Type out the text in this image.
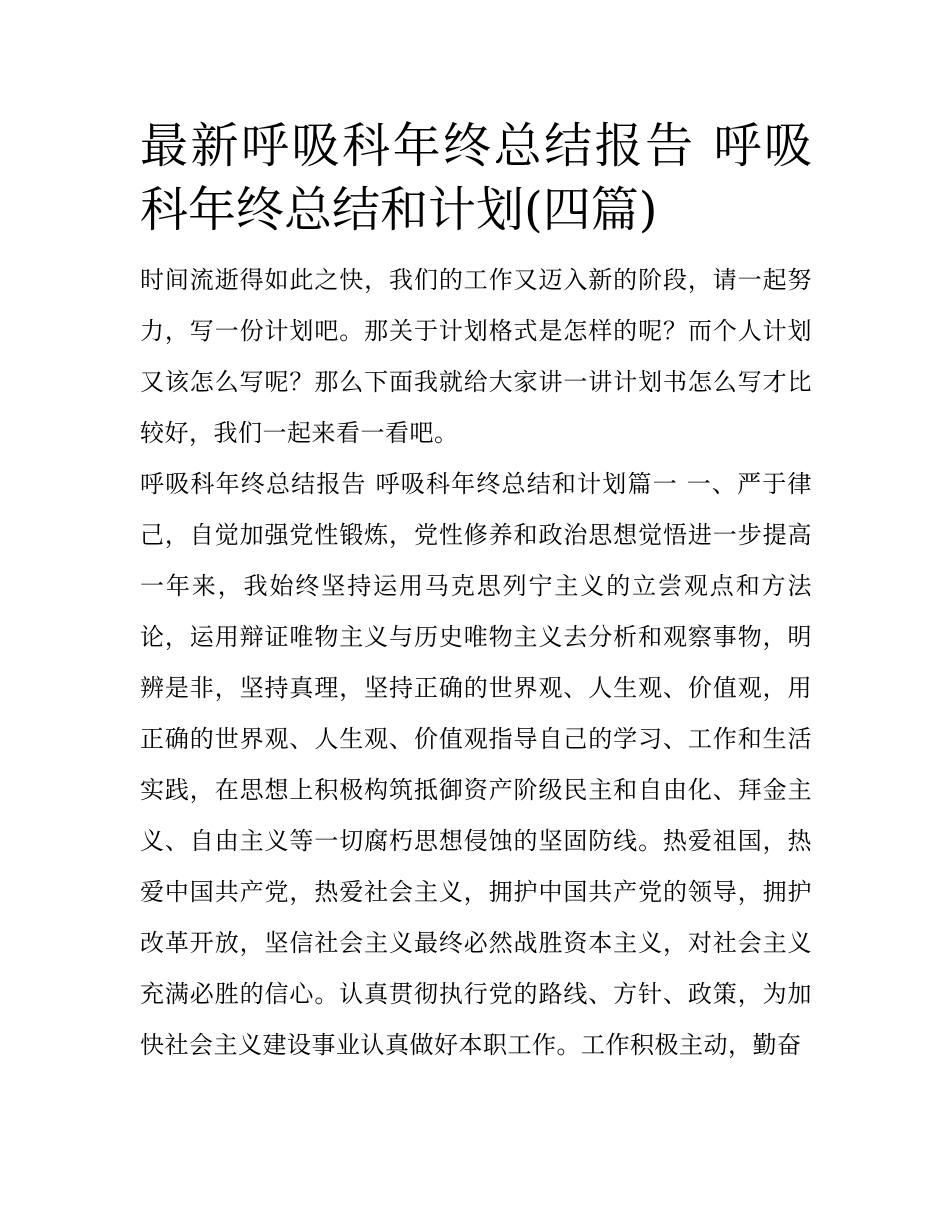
最新呼吸科年终总结报告 呼吸科年终总结和计划(四篇)

时间流逝得如此之快，我们的工作又迈入新的阶段，请一起努力，写一份计划吧。那关于计划格式是怎样的呢？而个人计划又该怎么写呢？那么下面我就给大家讲一讲计划书怎么写才比较好，我们一起来看一看吧。

呼吸科年终总结报告 呼吸科年终总结和计划篇一 一、严于律己，自觉加强党性锻炼，党性修养和政治思想觉悟进一步提高一年来，我始终坚持运用马克思列宁主义的立尝观点和方法论，运用辩证唯物主义与历史唯物主义去分析和观察事物，明辨是非，坚持真理，坚持正确的世界观、人生观、价值观，用正确的世界观、人生观、价值观指导自己的学习、工作和生活实践，在思想上积极构筑抵御资产阶级民主和自由化、拜金主义、自由主义等一切腐朽思想侵蚀的坚固防线。热爱祖国，热爱中国共产党，热爱社会主义，拥护中国共产党的领导，拥护改革开放，坚信社会主义最终必然战胜资本主义，对社会主义充满必胜的信心。认真贯彻执行党的路线、方针、政策，为加快社会主义建设事业认真做好本职工作。工作积极主动，勤奋
